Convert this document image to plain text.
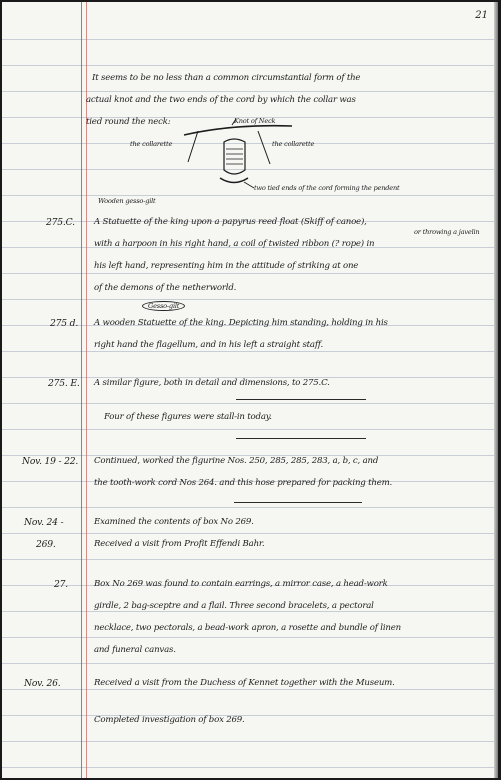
21
It seems to be no less than a common circumstantial form of the
actual knot and the two ends of the cord by which the collar was
tied round the neck:	Knot of Neck
the collarette	the collarette
two tied ends of the cord forming the pendent
Wooden gesso-gilt
275.C. A Statuette of the king upon a papyrus reed float (Skiff of canoe),
or throwing a javelin
with a harpoon in his right hand, a coil of twisted ribbon (? rope) in
his left hand, representing him in the attitude of striking at one
of the demons of the netherworld.
Gesso-gilt
275 d. A wooden Statuette of the king. Depicting him standing, holding in his
right hand the flagellum, and in his left a straight staff.
275. E. A similar figure, both in detail and dimensions, to 275.C.
Four of these figures were stall-in today.
Nov. 19 - 22. Continued, worked the figurine Nos. 250, 285, 285, 283, a, b, c, and
the tooth-work cord Nos 264. and this hose prepared for packing them.
Nov. 24 -	Examined the contents of box No 269.
269.	Received a visit from Profit Effendi Bahr.
27.	Box No 269 was found to contain earrings, a mirror case, a head-work
girdle, 2 bag-sceptre and a flail. Three second bracelets, a pectoral
necklace, two pectorals, a bead-work apron, a rosette and bundle of linen
and funeral canvas.
Nov. 26.	Received a visit from the Duchess of Kennet together with the Museum.
Completed investigation of box 269.
